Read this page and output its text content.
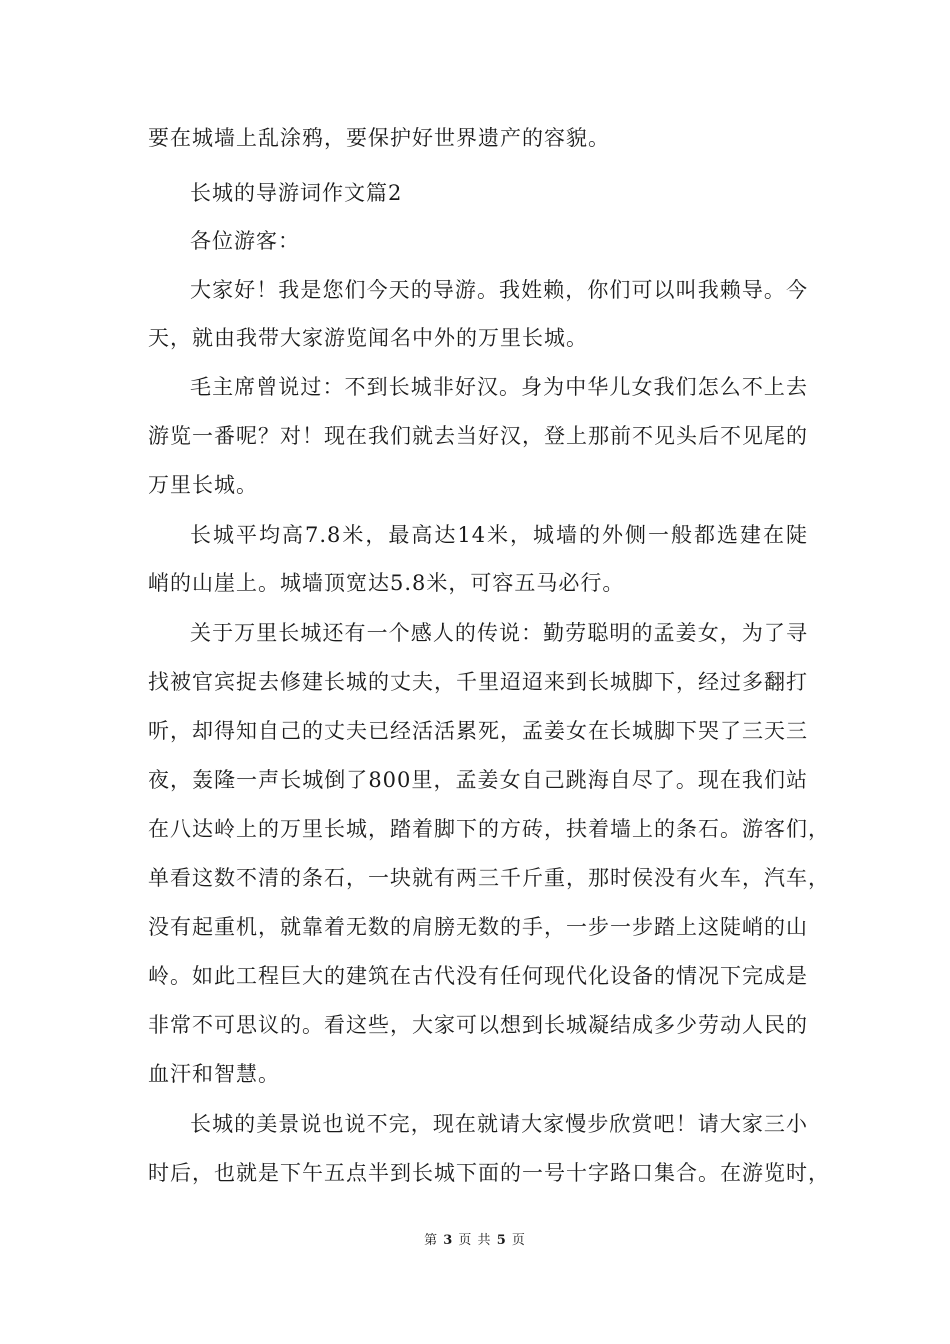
要在城墙上乱涂鸦，要保护好世界遗产的容貌。
长城的导游词作文篇2
各位游客：
大家好！我是您们今天的导游。我姓赖，你们可以叫我赖导。今
天，就由我带大家游览闻名中外的万里长城。
毛主席曾说过：不到长城非好汉。身为中华儿女我们怎么不上去
游览一番呢？对！现在我们就去当好汉，登上那前不见头后不见尾的
万里长城。
长城平均高7.8米，最高达14米，城墙的外侧一般都选建在陡
峭的山崖上。城墙顶宽达5.8米，可容五马必行。
关于万里长城还有一个感人的传说：勤劳聪明的孟姜女，为了寻
找被官宾捉去修建长城的丈夫，千里迢迢来到长城脚下，经过多翻打
听，却得知自己的丈夫已经活活累死，孟姜女在长城脚下哭了三天三
夜，轰隆一声长城倒了800里，孟姜女自己跳海自尽了。现在我们站
在八达岭上的万里长城，踏着脚下的方砖，扶着墙上的条石。游客们，
单看这数不清的条石，一块就有两三千斤重，那时侯没有火车，汽车，
没有起重机，就靠着无数的肩膀无数的手，一步一步踏上这陡峭的山
岭。如此工程巨大的建筑在古代没有任何现代化设备的情况下完成是
非常不可思议的。看这些，大家可以想到长城凝结成多少劳动人民的
血汗和智慧。
长城的美景说也说不完，现在就请大家慢步欣赏吧！请大家三小
时后，也就是下午五点半到长城下面的一号十字路口集合。在游览时，
第 3 页 共 5 页
